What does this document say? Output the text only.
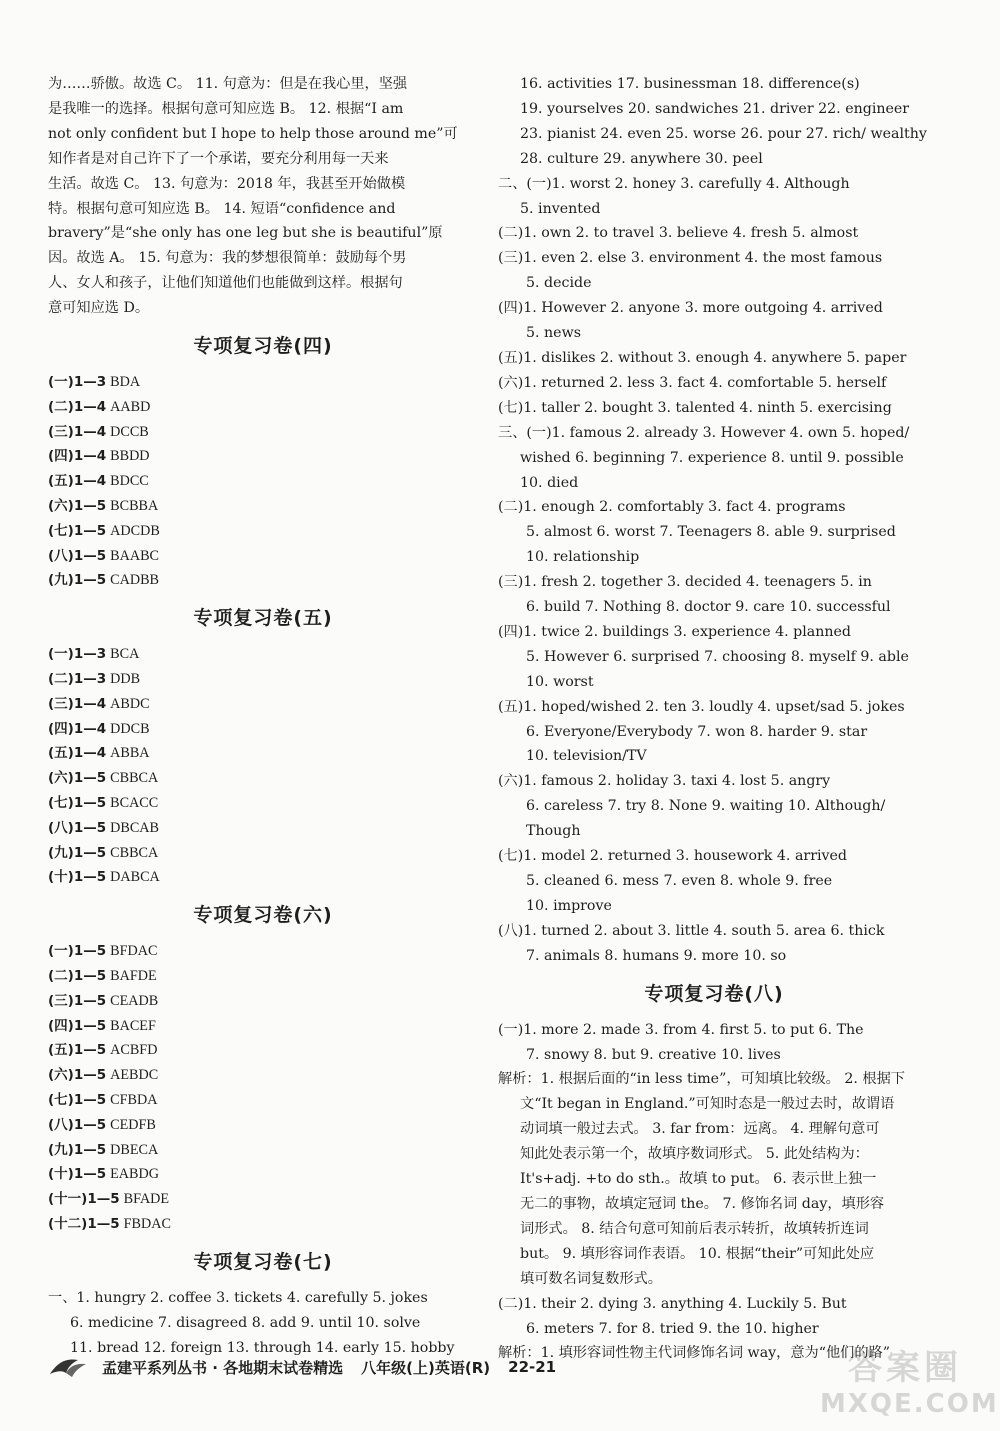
为……骄傲。故选 C。 11. 句意为：但是在我心里，坚强
是我唯一的选择。根据句意可知应选 B。 12. 根据“I am
not only confident but I hope to help those around me”可
知作者是对自己许下了一个承诺，要充分利用每一天来
生活。故选 C。 13. 句意为：2018 年，我甚至开始做模
特。根据句意可知应选 B。 14. 短语“confidence and
bravery”是“she only has one leg but she is beautiful”原
因。故选 A。 15. 句意为：我的梦想很简单：鼓励每个男
人、女人和孩子，让他们知道他们也能做到这样。根据句
意可知应选 D。
专项复习卷(四)
(一)1—3 BDA
(二)1—4 AABD
(三)1—4 DCCB
(四)1—4 BBDD
(五)1—4 BDCC
(六)1—5 BCBBA
(七)1—5 ADCDB
(八)1—5 BAABC
(九)1—5 CADBB
专项复习卷(五)
(一)1—3 BCA
(二)1—3 DDB
(三)1—4 ABDC
(四)1—4 DDCB
(五)1—4 ABBA
(六)1—5 CBBCA
(七)1—5 BCACC
(八)1—5 DBCAB
(九)1—5 CBBCA
(十)1—5 DABCA
专项复习卷(六)
(一)1—5 BFDAC
(二)1—5 BAFDE
(三)1—5 CEADB
(四)1—5 BACEF
(五)1—5 ACBFD
(六)1—5 AEBDC
(七)1—5 CFBDA
(八)1—5 CEDFB
(九)1—5 DBECA
(十)1—5 EABDG
(十一)1—5 BFADE
(十二)1—5 FBDAC
专项复习卷(七)
一、1. hungry 2. coffee 3. tickets 4. carefully 5. jokes
6. medicine 7. disagreed 8. add 9. until 10. solve
11. bread 12. foreign 13. through 14. early 15. hobby
16. activities 17. businessman 18. difference(s)
19. yourselves 20. sandwiches 21. driver 22. engineer
23. pianist 24. even 25. worse 26. pour 27. rich/ wealthy
28. culture 29. anywhere 30. peel
二、(一)1. worst 2. honey 3. carefully 4. Although
5. invented
(二)1. own 2. to travel 3. believe 4. fresh 5. almost
(三)1. even 2. else 3. environment 4. the most famous
5. decide
(四)1. However 2. anyone 3. more outgoing 4. arrived
5. news
(五)1. dislikes 2. without 3. enough 4. anywhere 5. paper
(六)1. returned 2. less 3. fact 4. comfortable 5. herself
(七)1. taller 2. bought 3. talented 4. ninth 5. exercising
三、(一)1. famous 2. already 3. However 4. own 5. hoped/
wished 6. beginning 7. experience 8. until 9. possible
10. died
(二)1. enough 2. comfortably 3. fact 4. programs
5. almost 6. worst 7. Teenagers 8. able 9. surprised
10. relationship
(三)1. fresh 2. together 3. decided 4. teenagers 5. in
6. build 7. Nothing 8. doctor 9. care 10. successful
(四)1. twice 2. buildings 3. experience 4. planned
5. However 6. surprised 7. choosing 8. myself 9. able
10. worst
(五)1. hoped/wished 2. ten 3. loudly 4. upset/sad 5. jokes
6. Everyone/Everybody 7. won 8. harder 9. star
10. television/TV
(六)1. famous 2. holiday 3. taxi 4. lost 5. angry
6. careless 7. try 8. None 9. waiting 10. Although/
Though
(七)1. model 2. returned 3. housework 4. arrived
5. cleaned 6. mess 7. even 8. whole 9. free
10. improve
(八)1. turned 2. about 3. little 4. south 5. area 6. thick
7. animals 8. humans 9. more 10. so
专项复习卷(八)
(一)1. more 2. made 3. from 4. first 5. to put 6. The
7. snowy 8. but 9. creative 10. lives
解析：1. 根据后面的“in less time”，可知填比较级。 2. 根据下
文“It began in England.”可知时态是一般过去时，故谓语
动词填一般过去式。 3. far from：远离。 4. 理解句意可
知此处表示第一个，故填序数词形式。 5. 此处结构为：
It's+adj. +to do sth.。故填 to put。 6. 表示世上独一
无二的事物，故填定冠词 the。 7. 修饰名词 day，填形容
词形式。 8. 结合句意可知前后表示转折，故填转折连词
but。 9. 填形容词作表语。 10. 根据“their”可知此处应
填可数名词复数形式。
(二)1. their 2. dying 3. anything 4. Luckily 5. But
6. meters 7. for 8. tried 9. the 10. higher
解析：1. 填形容词性物主代词修饰名词 way，意为“他们的路”
孟建平系列丛书 · 各地期末试卷精选 八年级(上)英语(R) 22-21	答案圈
MXQE.COM
